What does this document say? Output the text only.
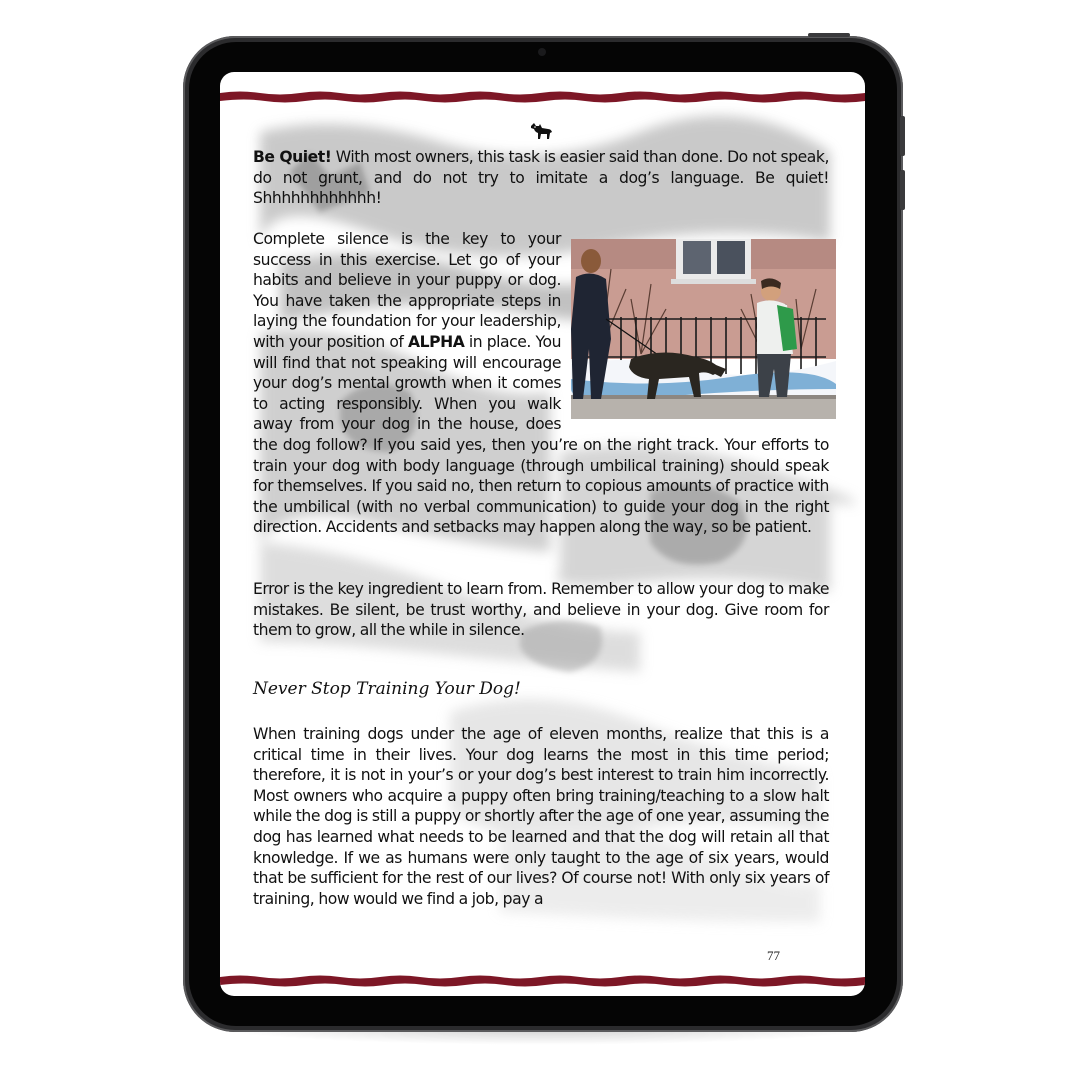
Be Quiet! With most owners, this task is easier said than done. Do not speak, do not grunt, and do not try to imitate a dog’s language. Be quiet! Shhhhhhhhhhhh!
Complete silence is the key to your success in this exercise. Let go of your habits and believe in your puppy or dog. You have taken the appropriate steps in laying the foundation for your leadership, with your position of ALPHA in place. You will find that not speaking will encourage your dog’s mental growth when it comes to acting responsibly. When you walk away from your dog in the house, does the dog follow? If you said yes, then you’re on the right track. Your efforts to train your dog with body language (through umbilical training) should speak for themselves. If you said no, then return to copious amounts of practice with the umbilical (with no verbal communication) to guide your dog in the right direction. Accidents and setbacks may happen along the way, so be patient.
Error is the key ingredient to learn from. Remember to allow your dog to make mistakes. Be silent, be trust worthy, and believe in your dog. Give room for them to grow, all the while in silence.
Never Stop Training Your Dog!
When training dogs under the age of eleven months, realize that this is a critical time in their lives. Your dog learns the most in this time period; therefore, it is not in your’s or your dog’s best interest to train him incorrectly. Most owners who acquire a puppy often bring training/teaching to a slow halt while the dog is still a puppy or shortly after the age of one year, assuming the dog has learned what needs to be learned and that the dog will retain all that knowledge. If we as humans were only taught to the age of six years, would that be sufficient for the rest of our lives? Of course not! With only six years of training, how would we find a job, pay a
77
